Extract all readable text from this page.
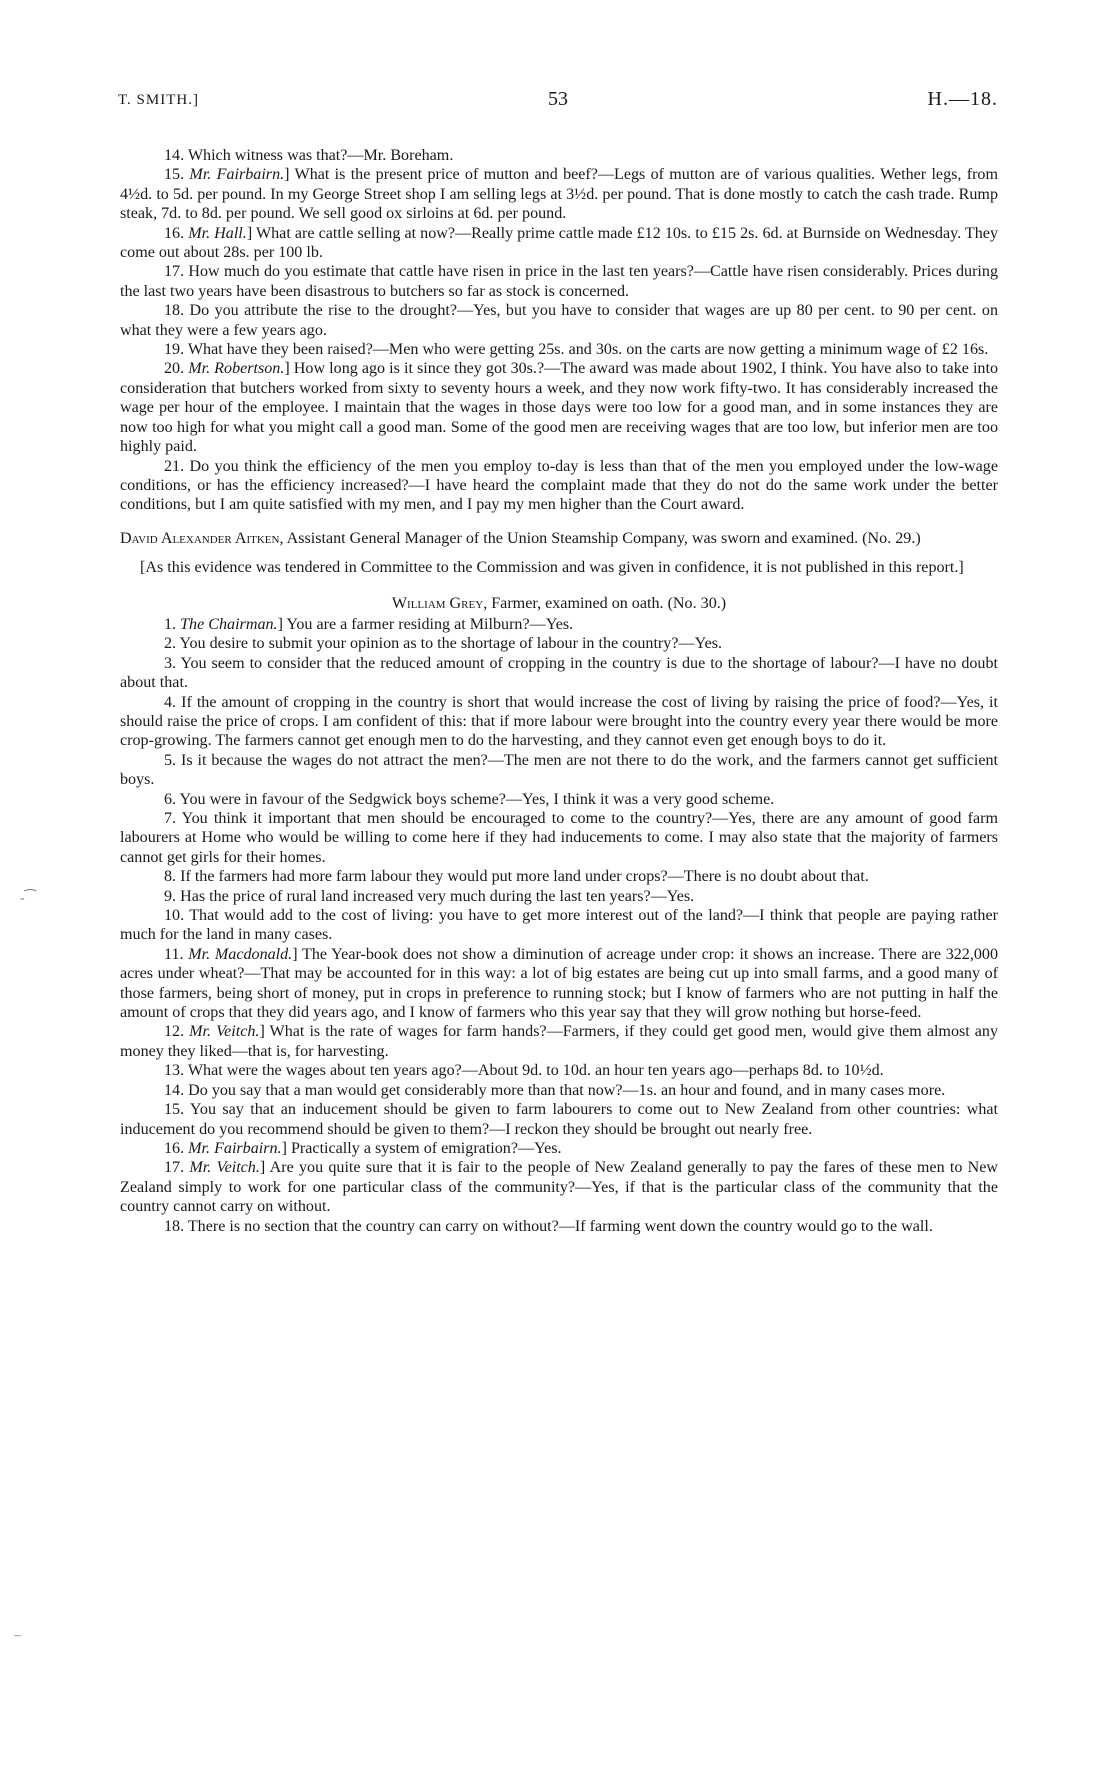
T. SMITH.]	53	H.—18.
-⁀
–

14. Which witness was that?—Mr. Boreham.

15. Mr. Fairbairn.] What is the present price of mutton and beef?—Legs of mutton are of various qualities. Wether legs, from 4½d. to 5d. per pound. In my George Street shop I am selling legs at 3½d. per pound. That is done mostly to catch the cash trade. Rump steak, 7d. to 8d. per pound. We sell good ox sirloins at 6d. per pound.

16. Mr. Hall.] What are cattle selling at now?—Really prime cattle made £12 10s. to £15 2s. 6d. at Burnside on Wednesday. They come out about 28s. per 100 lb.

17. How much do you estimate that cattle have risen in price in the last ten years?—Cattle have risen considerably. Prices during the last two years have been disastrous to butchers so far as stock is concerned.

18. Do you attribute the rise to the drought?—Yes, but you have to consider that wages are up 80 per cent. to 90 per cent. on what they were a few years ago.

19. What have they been raised?—Men who were getting 25s. and 30s. on the carts are now getting a minimum wage of £2 16s.

20. Mr. Robertson.] How long ago is it since they got 30s.?—The award was made about 1902, I think. You have also to take into consideration that butchers worked from sixty to seventy hours a week, and they now work fifty-two. It has considerably increased the wage per hour of the employee. I maintain that the wages in those days were too low for a good man, and in some instances they are now too high for what you might call a good man. Some of the good men are receiving wages that are too low, but inferior men are too highly paid.

21. Do you think the efficiency of the men you employ to-day is less than that of the men you employed under the low-wage conditions, or has the efficiency increased?—I have heard the complaint made that they do not do the same work under the better conditions, but I am quite satisfied with my men, and I pay my men higher than the Court award.

David Alexander Aitken, Assistant General Manager of the Union Steamship Company, was sworn and examined. (No. 29.)

[As this evidence was tendered in Committee to the Commission and was given in confidence, it is not published in this report.]

William Grey, Farmer, examined on oath. (No. 30.)

1. The Chairman.] You are a farmer residing at Milburn?—Yes.

2. You desire to submit your opinion as to the shortage of labour in the country?—Yes.

3. You seem to consider that the reduced amount of cropping in the country is due to the shortage of labour?—I have no doubt about that.

4. If the amount of cropping in the country is short that would increase the cost of living by raising the price of food?—Yes, it should raise the price of crops. I am confident of this: that if more labour were brought into the country every year there would be more crop-growing. The farmers cannot get enough men to do the harvesting, and they cannot even get enough boys to do it.

5. Is it because the wages do not attract the men?—The men are not there to do the work, and the farmers cannot get sufficient boys.

6. You were in favour of the Sedgwick boys scheme?—Yes, I think it was a very good scheme.

7. You think it important that men should be encouraged to come to the country?—Yes, there are any amount of good farm labourers at Home who would be willing to come here if they had inducements to come. I may also state that the majority of farmers cannot get girls for their homes.

8. If the farmers had more farm labour they would put more land under crops?—There is no doubt about that.

9. Has the price of rural land increased very much during the last ten years?—Yes.

10. That would add to the cost of living: you have to get more interest out of the land?—I think that people are paying rather much for the land in many cases.

11. Mr. Macdonald.] The Year-book does not show a diminution of acreage under crop: it shows an increase. There are 322,000 acres under wheat?—That may be accounted for in this way: a lot of big estates are being cut up into small farms, and a good many of those farmers, being short of money, put in crops in preference to running stock; but I know of farmers who are not putting in half the amount of crops that they did years ago, and I know of farmers who this year say that they will grow nothing but horse-feed.

12. Mr. Veitch.] What is the rate of wages for farm hands?—Farmers, if they could get good men, would give them almost any money they liked—that is, for harvesting.

13. What were the wages about ten years ago?—About 9d. to 10d. an hour ten years ago—perhaps 8d. to 10½d.

14. Do you say that a man would get considerably more than that now?—1s. an hour and found, and in many cases more.

15. You say that an inducement should be given to farm labourers to come out to New Zealand from other countries: what inducement do you recommend should be given to them?—I reckon they should be brought out nearly free.

16. Mr. Fairbairn.] Practically a system of emigration?—Yes.

17. Mr. Veitch.] Are you quite sure that it is fair to the people of New Zealand generally to pay the fares of these men to New Zealand simply to work for one particular class of the community?—Yes, if that is the particular class of the community that the country cannot carry on without.

18. There is no section that the country can carry on without?—If farming went down the country would go to the wall.
